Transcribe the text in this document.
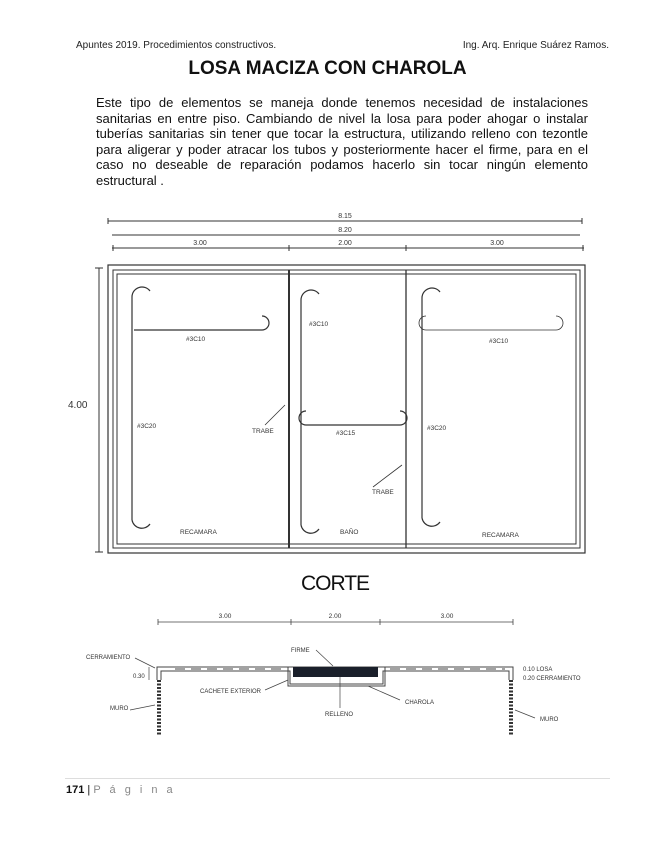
Apuntes 2019. Procedimientos constructivos.	Ing. Arq. Enrique Suárez Ramos.
LOSA MACIZA CON CHAROLA
Este tipo de elementos se maneja donde tenemos necesidad de instalaciones sanitarias en entre piso. Cambiando de nivel la losa para poder ahogar o instalar tuberías sanitarias sin tener que tocar la estructura, utilizando relleno con tezontle para aligerar y poder atracar los tubos y posteriormente hacer el firme, para en el caso no deseable de reparación podamos hacerlo sin tocar ningún elemento estructural .
8.15
8.20
3.00	2.00	3.00
4.00
#3C10
#3C10
#3C10
#3C20
#3C15
#3C20
TRABE
TRABE
RECAMARA	BAÑO	RECAMARA
CORTE
3.00	2.00	3.00
CERRAMIENTO
0.30
MURO
CACHETE EXTERIOR
FIRME
RELLENO
CHAROLA
0.10 LOSA
0.20 CERRAMIENTO
MURO
171 | P á g i n a
